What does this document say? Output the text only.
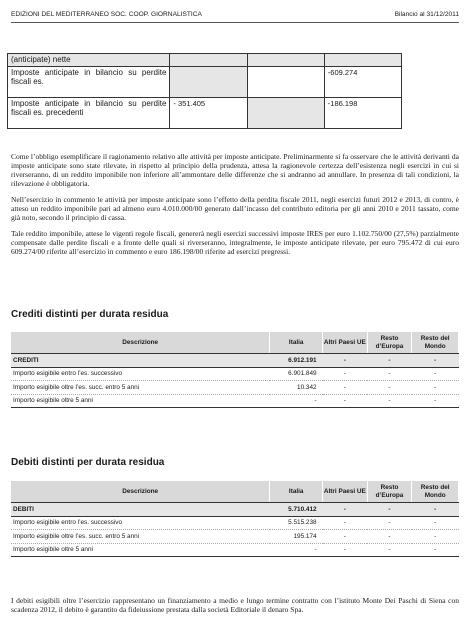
EDIZIONI DEL MEDITERRANEO SOC. COOP. GIORNALISTICA	Bilancio al 31/12/2011
(anticipate) nette			
Imposte anticipate in bilancio su perdite fiscali es.			-609.274
Imposte anticipate in bilancio su perdite fiscali es. precedenti	- 351.405		-186.198

Come l’obbligo esemplificare il ragionamento relativo alle attività per imposte anticipate. Preliminarmente si fa osservare che le attività derivanti da imposte anticipate sono state rilevate, in rispetto al principio della prudenza, attesa la ragionevole certezza dell’esistenza negli esercizi in cui si riverseranno, di un reddito imponibile non inferiore all’ammontare delle differenze che si andranno ad annullare. In presenza di tali condizioni, la rilevazione è obbligatoria.

Nell’esercizio in commento le attività per imposte anticipate sono l’effetto della perdita fiscale 2011, negli esercizi futuri 2012 e 2013, di contro, è atteso un reddito imponibile pari ad almeno euro 4.010.000/00 generato dall’incasso del contributo editoria per gli anni 2010 e 2011 tassato, come già noto, secondo il principio di cassa.

Tale reddito imponibile, attese le vigenti regole fiscali, genererà negli esercizi successivi imposte IRES per euro 1.102.750/00 (27,5%) parzialmente compensate dalle perdite fiscali e a fronte delle quali si riverseranno, integralmente, le imposte anticipate rilevate, per euro 795.472 di cui euro 609.274/00 riferite all’esercizio in commento e euro 186.198/00 riferite ad esercizi pregressi.

Crediti distinti per durata residua
Descrizione	Italia	Altri Paesi UE	Resto d’Europa	Resto del Mondo
CREDITI	6.912.191	-	-	-
Importo esigibile entro l’es. successivo	6.901.849	-	-	-
Importo esigibile oltre l’es. succ. entro 5 anni	10.342	-	-	-
Importo esigibile oltre 5 anni	-	-	-	-
Debiti distinti per durata residua
Descrizione	Italia	Altri Paesi UE	Resto d’Europa	Resto del Mondo
DEBITI	5.710.412	-	-	-
Importo esigibile entro l’es. successivo	5.515.238	-	-	-
Importo esigibile oltre l’es. succ. entro 5 anni	195.174	-	-	-
Importo esigibile oltre 5 anni	-	-	-	-

I debiti esigibili oltre l’esercizio rappresentano un finanziamento a medio e lungo termine contratto con l’istituto Monte Dei Paschi di Siena con scadenza 2012, il debito è garantito da fideiussione prestata dalla società Editoriale il denaro Spa.
